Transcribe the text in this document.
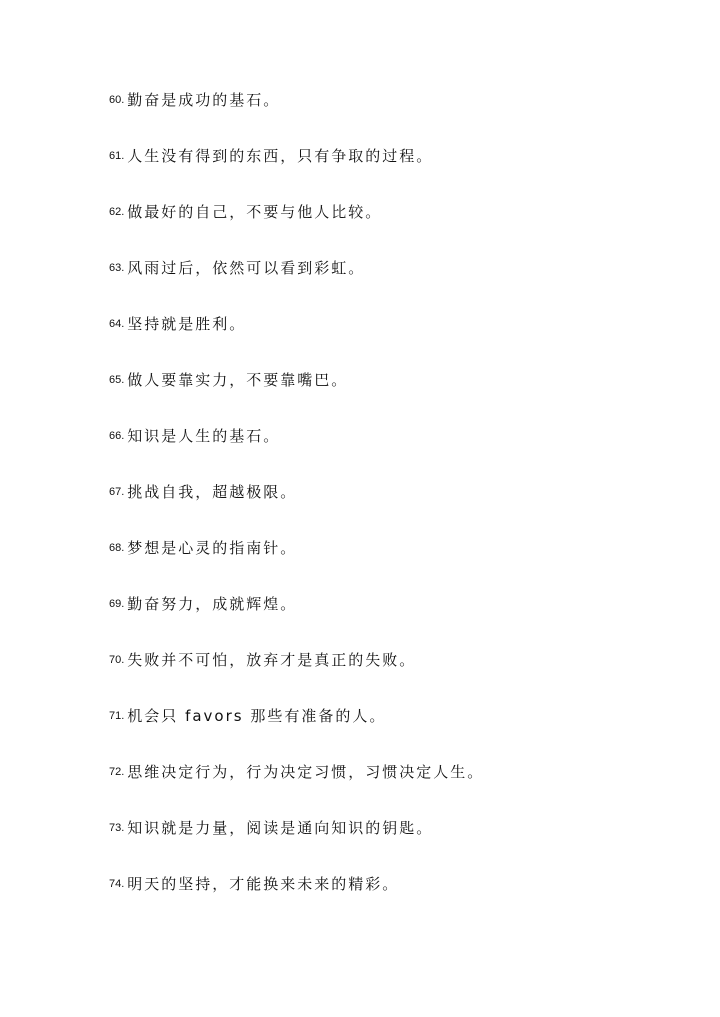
60. 勤奋是成功的基石。
61. 人生没有得到的东西，只有争取的过程。
62. 做最好的自己，不要与他人比较。
63. 风雨过后，依然可以看到彩虹。
64. 坚持就是胜利。
65. 做人要靠实力，不要靠嘴巴。
66. 知识是人生的基石。
67. 挑战自我，超越极限。
68. 梦想是心灵的指南针。
69. 勤奋努力，成就辉煌。
70. 失败并不可怕，放弃才是真正的失败。
71. 机会只 favors 那些有准备的人。
72. 思维决定行为，行为决定习惯，习惯决定人生。
73. 知识就是力量，阅读是通向知识的钥匙。
74. 明天的坚持，才能换来未来的精彩。
